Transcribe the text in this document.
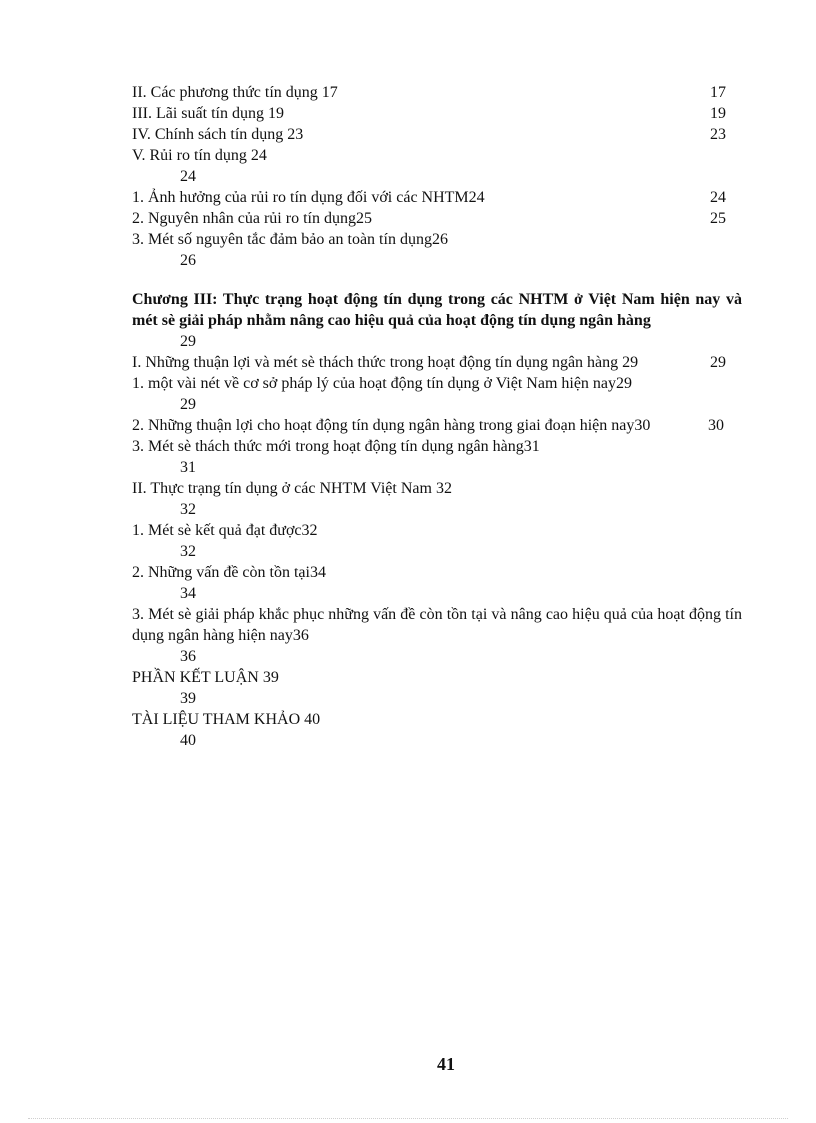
II. Các phương thức tín dụng 17	17
III. Lãi suất tín dụng 19	19
IV. Chính sách tín dụng 23	23
V. Rủi ro tín dụng 24
24
1. Ảnh hưởng của rủi ro tín dụng đối với các NHTM24	24
2. Nguyên nhân của rủi ro tín dụng25	25
3. Mét số nguyên tắc đảm bảo an toàn tín dụng26
26
Chương III: Thực trạng hoạt động tín dụng trong các NHTM ở Việt Nam hiện nay và mét sè giải pháp nhằm nâng cao hiệu quả của hoạt động tín dụng ngân hàng
29
I. Những thuận lợi và mét sè thách thức trong hoạt động tín dụng ngân hàng 29	29
1. một vài nét về cơ sở pháp lý của hoạt động tín dụng ở Việt Nam hiện nay29
29
2. Những thuận lợi cho hoạt động tín dụng ngân hàng trong giai đoạn hiện nay30	30
3. Mét sè thách thức mới trong hoạt động tín dụng ngân hàng31
31
II. Thực trạng tín dụng ở các NHTM Việt Nam 32
32
1. Mét sè kết quả đạt được32
32
2. Những vấn đề còn tồn tại34
34
3. Mét sè giải pháp khắc phục những vấn đề còn tồn tại và nâng cao hiệu quả của hoạt động tín dụng ngân hàng hiện nay36
36
PHẦN KẾT LUẬN 39
39
TÀI LIỆU THAM KHẢO 40
40
41
